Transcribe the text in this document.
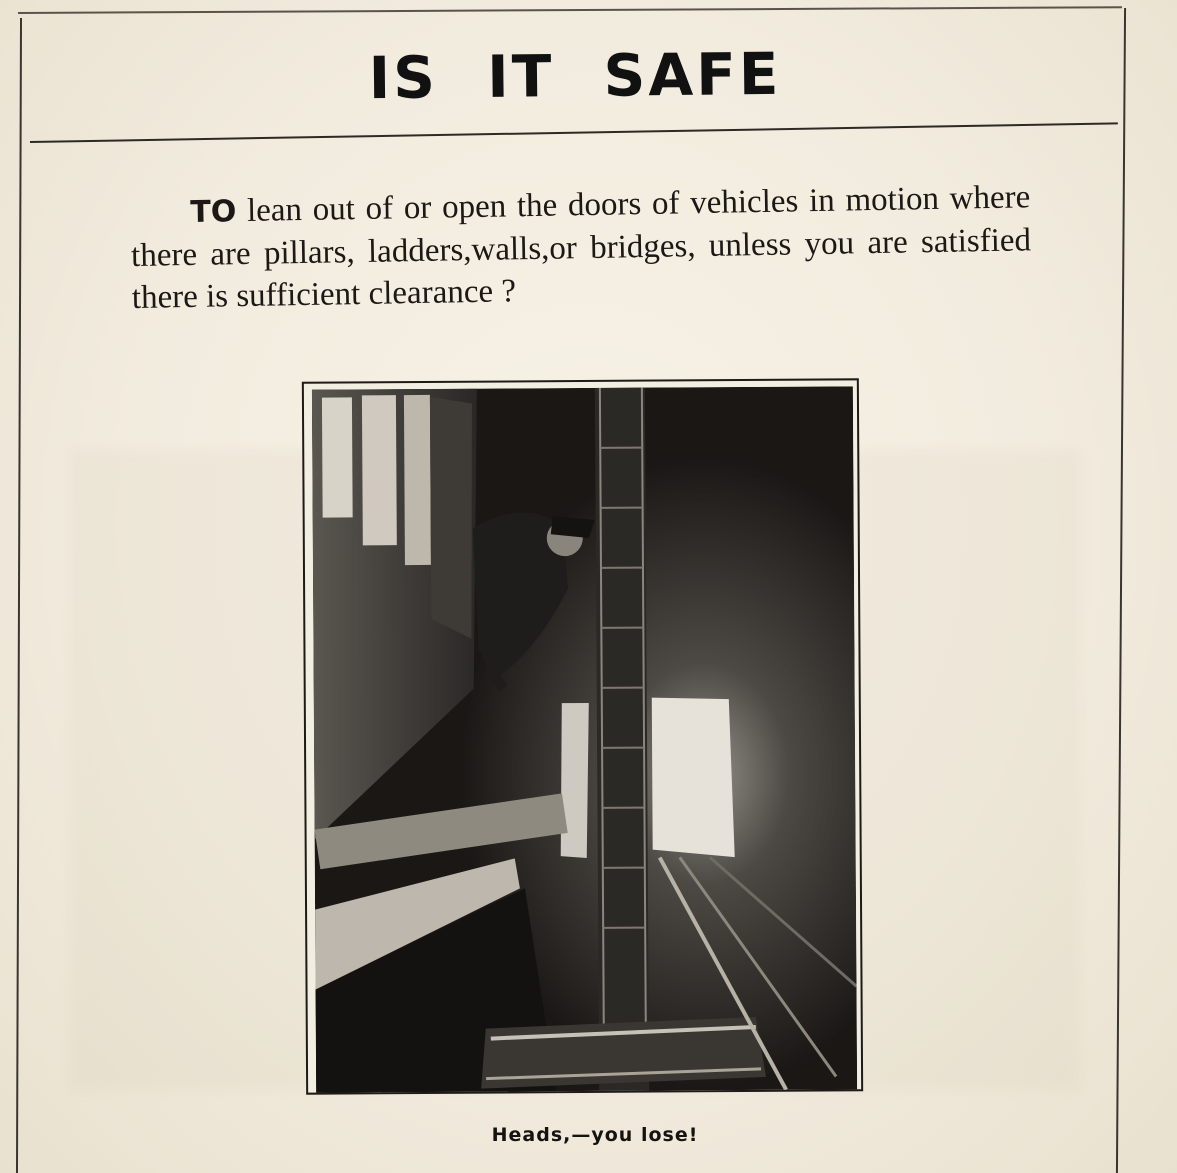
IS IT SAFE
TO lean out of or open the doors of vehicles in motion where there are pillars, ladders,walls,or bridges, unless you are satisfied there is sufficient clearance ?
Heads,—you lose!
